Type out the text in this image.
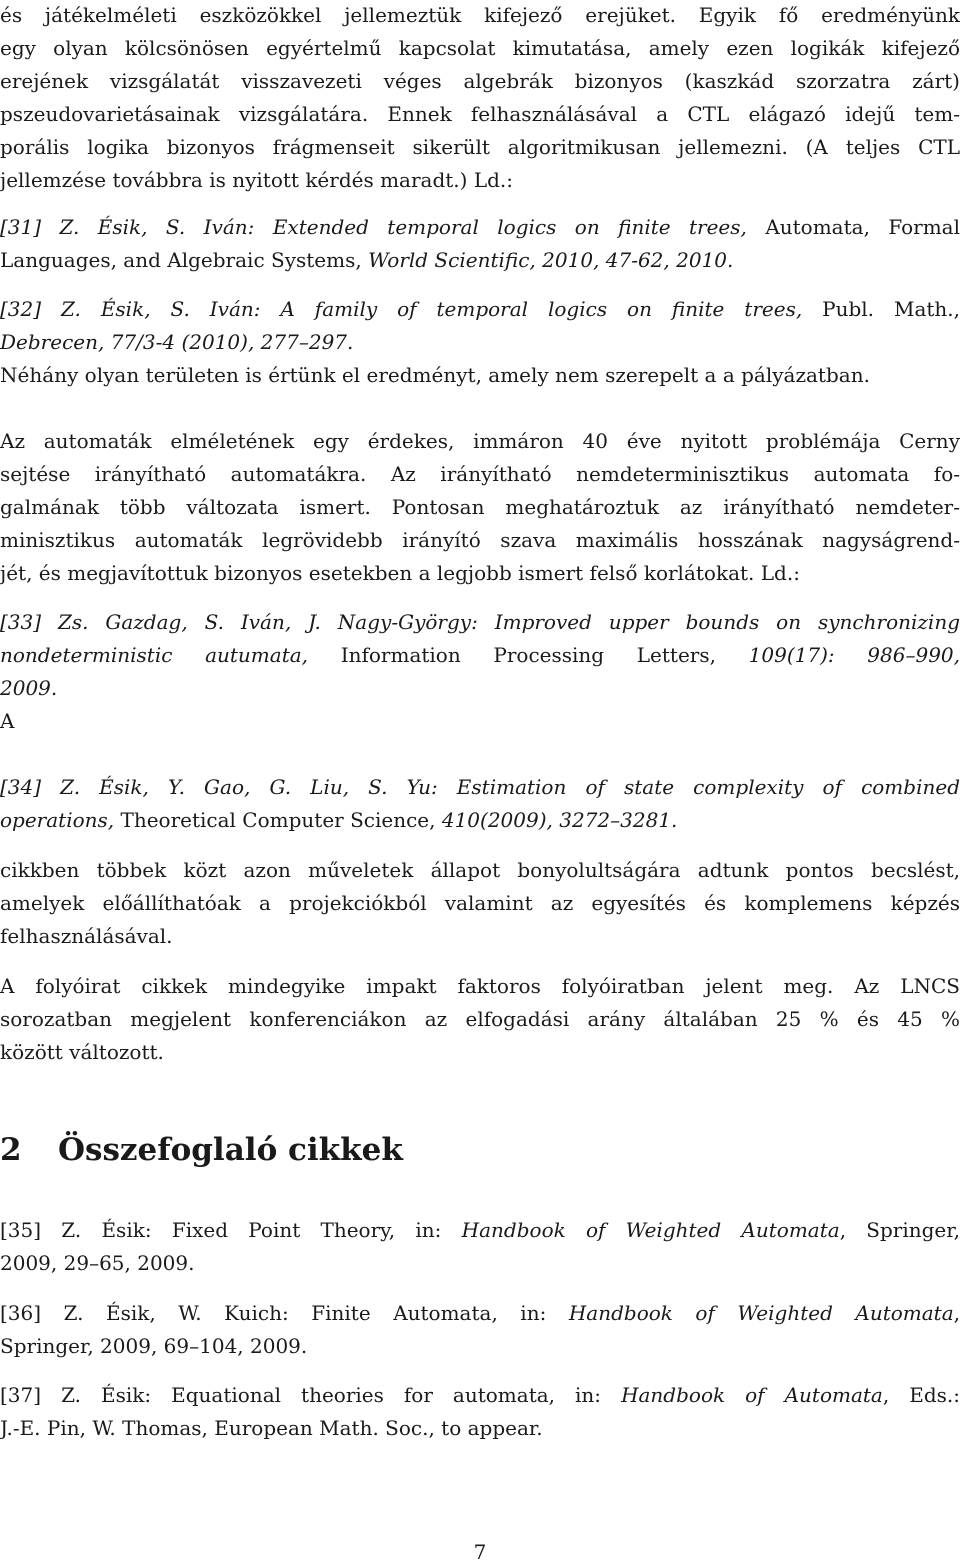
és játékelméleti eszközökkel jellemeztük kifejező erejüket. Egyik fő eredményünk
egy olyan kölcsönösen egyértelmű kapcsolat kimutatása, amely ezen logikák kifejező
erejének vizsgálatát visszavezeti véges algebrák bizonyos (kaszkád szorzatra zárt)
pszeudovarietásainak vizsgálatára. Ennek felhasználásával a CTL elágazó idejű tem-
porális logika bizonyos frágmenseit sikerült algoritmikusan jellemezni. (A teljes CTL
jellemzése továbbra is nyitott kérdés maradt.) Ld.:
[31] Z. Ésik, S. Iván: Extended temporal logics on finite trees, Automata, Formal
Languages, and Algebraic Systems, World Scientific, 2010, 47-62, 2010.
[32] Z. Ésik, S. Iván: A family of temporal logics on finite trees, Publ. Math.,
Debrecen, 77/3-4 (2010), 277–297.
Néhány olyan területen is értünk el eredményt, amely nem szerepelt a a pályázatban.
Az automaták elméletének egy érdekes, immáron 40 éve nyitott problémája Cerny
sejtése irányítható automatákra. Az irányítható nemdeterminisztikus automata fo-
galmának több változata ismert. Pontosan meghatároztuk az irányítható nemdeter-
minisztikus automaták legrövidebb irányító szava maximális hosszának nagyságrend-
jét, és megjavítottuk bizonyos esetekben a legjobb ismert felső korlátokat. Ld.:
[33] Zs. Gazdag, S. Iván, J. Nagy-György: Improved upper bounds on synchronizing
nondeterministic autumata, Information Processing Letters, 109(17): 986–990,
2009.
A
[34] Z. Ésik, Y. Gao, G. Liu, S. Yu: Estimation of state complexity of combined
operations, Theoretical Computer Science, 410(2009), 3272–3281.
cikkben többek közt azon műveletek állapot bonyolultságára adtunk pontos becslést,
amelyek előállíthatóak a projekciókból valamint az egyesítés és komplemens képzés
felhasználásával.
A folyóirat cikkek mindegyike impakt faktoros folyóiratban jelent meg. Az LNCS
sorozatban megjelent konferenciákon az elfogadási arány általában 25 % és 45 %
között változott.
2 Összefoglaló cikkek
[35] Z. Ésik: Fixed Point Theory, in: Handbook of Weighted Automata, Springer,
2009, 29–65, 2009.
[36] Z. Ésik, W. Kuich: Finite Automata, in: Handbook of Weighted Automata,
Springer, 2009, 69–104, 2009.
[37] Z. Ésik: Equational theories for automata, in: Handbook of Automata, Eds.:
J.-E. Pin, W. Thomas, European Math. Soc., to appear.
7
